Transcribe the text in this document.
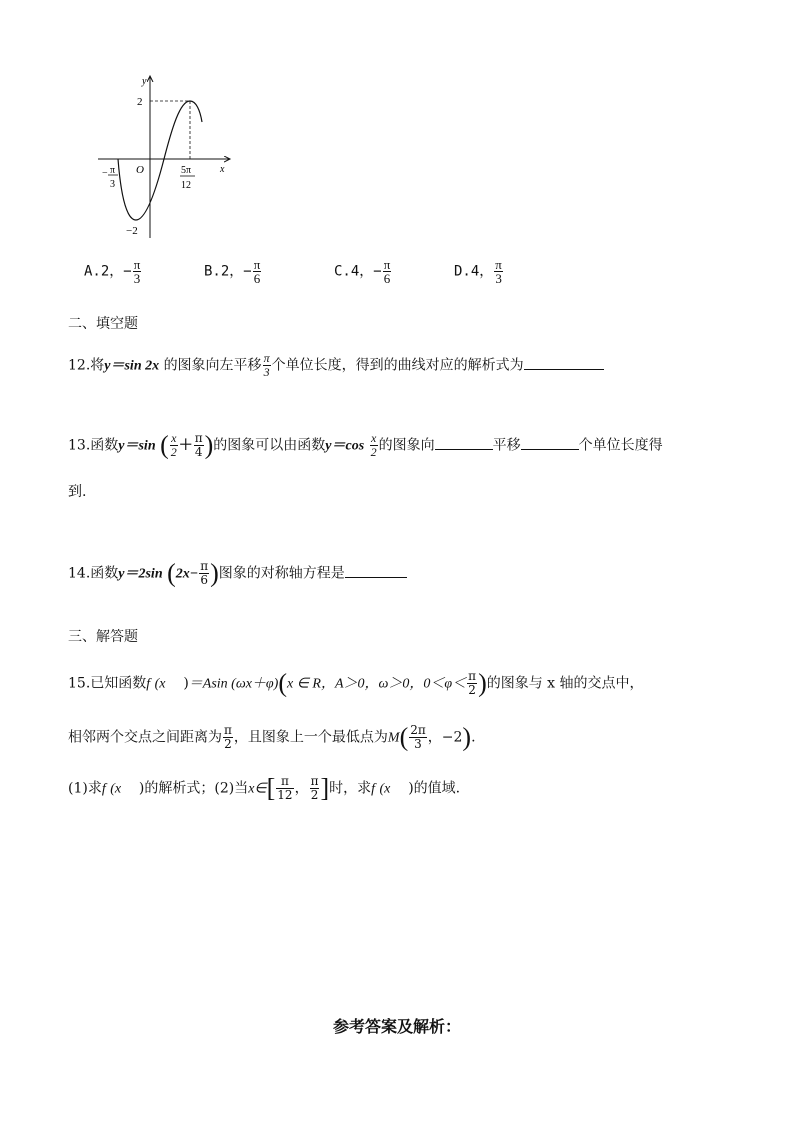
y
x
O
2
−2
− π
3
5π
12
A.2，− $\frac{\pi}{3}$	B.2，− $\frac{\pi}{6}$	C.4，− $\frac{\pi}{6}$	D.4， $\frac{\pi}{3}$
二、填空题
12.将y＝sin 2x 的图象向左平移 $\frac{\pi}{3}$ 个单位长度，得到的曲线对应的解析式为
13.函数y＝sin ( $\frac{x}{2} + \frac{\pi}{4}$ )的图象可以由函数$y=\cos \frac{x}{2}$ 的图象向	平移	个单位长度得
到.
14.函数y＝2sin ($2x- \frac{\pi}{6}$ )图象的对称轴方程是
三、解答题
15.已知函数f (x )＝Asin (ωx＋φ)(x ∈ R，A＞0，ω＞0，$0<\varphi< \frac{\pi}{2}$ )的图象与 x 轴的交点中，
相邻两个交点之间距离为 $\frac{\pi}{2}$ ，且图象上一个最低点为$M( \frac{2\pi}{3}$ ，−2).
(1)求f (x )的解析式；(2)当x∈[ $\frac{\pi}{12}$ ， $\frac{\pi}{2}$ ]时，求f (x )的值域.
参考答案及解析：
